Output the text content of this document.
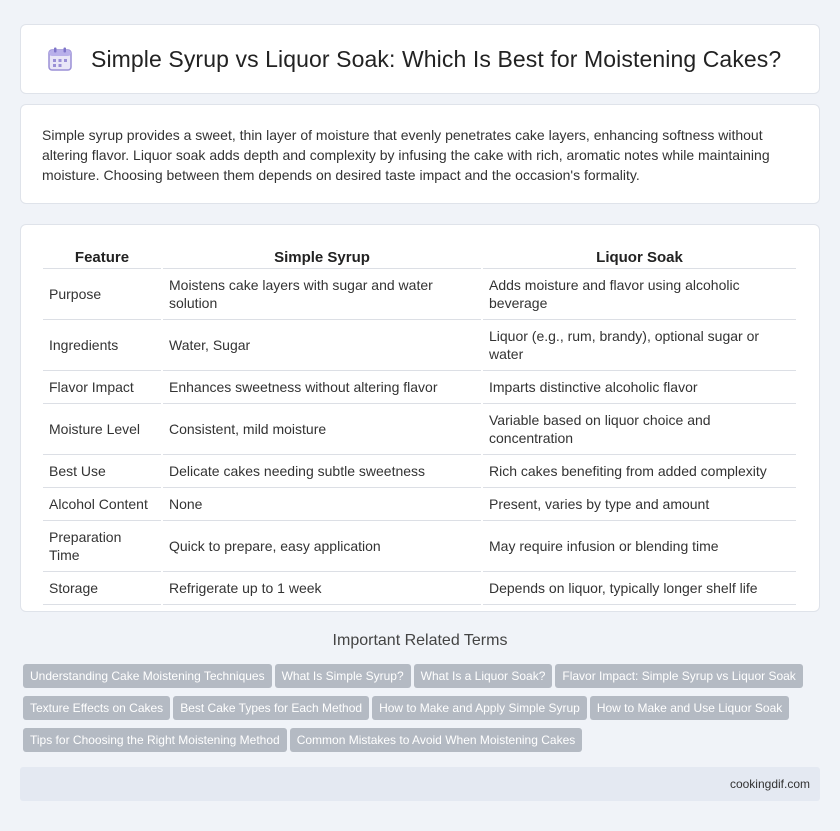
Simple Syrup vs Liquor Soak: Which Is Best for Moistening Cakes?

Simple syrup provides a sweet, thin layer of moisture that evenly penetrates cake layers, enhancing softness without altering flavor. Liquor soak adds depth and complexity by infusing the cake with rich, aromatic notes while maintaining moisture. Choosing between them depends on desired taste impact and the occasion's formality.

Feature	Simple Syrup	Liquor Soak
Purpose	Moistens cake layers with sugar and water solution	Adds moisture and flavor using alcoholic beverage
Ingredients	Water, Sugar	Liquor (e.g., rum, brandy), optional sugar or water
Flavor Impact	Enhances sweetness without altering flavor	Imparts distinctive alcoholic flavor
Moisture Level	Consistent, mild moisture	Variable based on liquor choice and concentration
Best Use	Delicate cakes needing subtle sweetness	Rich cakes benefiting from added complexity
Alcohol Content	None	Present, varies by type and amount
Preparation Time	Quick to prepare, easy application	May require infusion or blending time
Storage	Refrigerate up to 1 week	Depends on liquor, typically longer shelf life
Important Related Terms
Understanding Cake Moistening Techniques What Is Simple Syrup? What Is a Liquor Soak? Flavor Impact: Simple Syrup vs Liquor Soak
Texture Effects on Cakes Best Cake Types for Each Method How to Make and Apply Simple Syrup How to Make and Use Liquor Soak
Tips for Choosing the Right Moistening Method Common Mistakes to Avoid When Moistening Cakes
cookingdif.com
